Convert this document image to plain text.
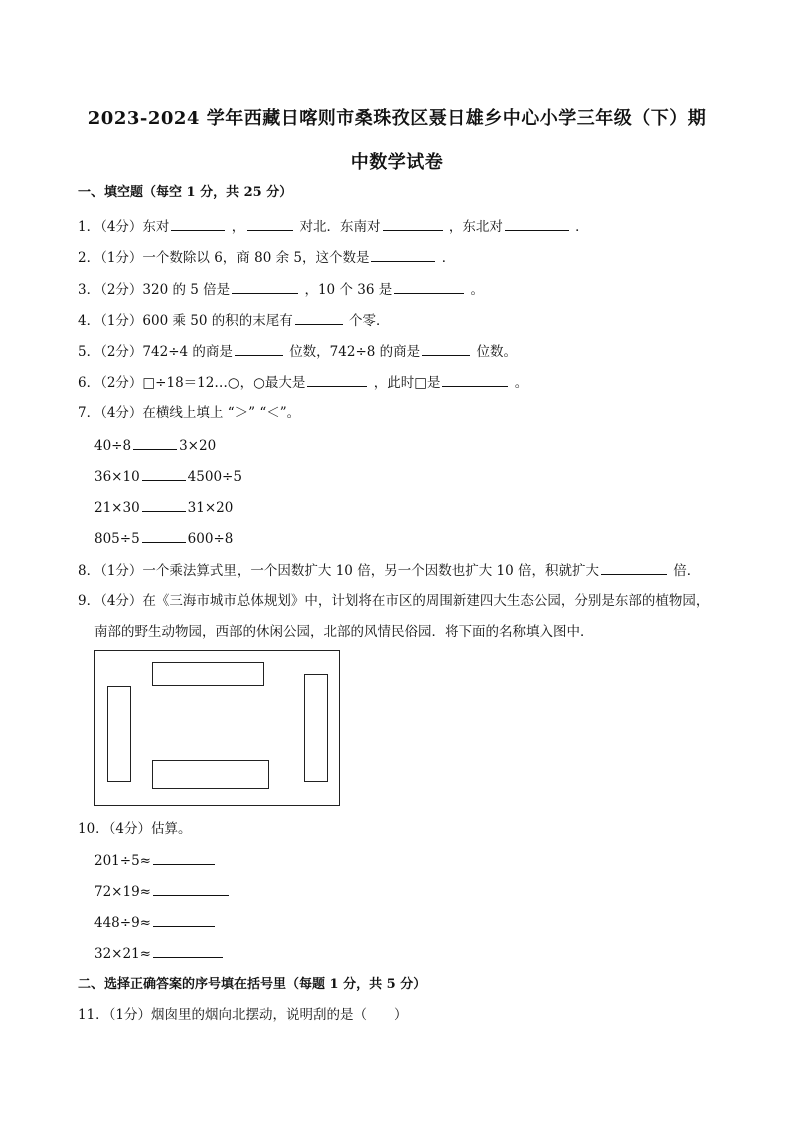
2023-2024 学年西藏日喀则市桑珠孜区聂日雄乡中心小学三年级（下）期
中数学试卷
一、填空题（每空 1 分，共 25 分）
1．（4分）东对	，	对北．东南对	，东北对	．
2．（1分）一个数除以 6，商 80 余 5，这个数是	．
3．（2分）320 的 5 倍是	，10 个 36 是	。
4．（1分）600 乘 50 的积的末尾有	个零．
5．（2分）742÷4 的商是	位数，742÷8 的商是	位数。
6．（2分）□÷18＝12…○，○最大是	，此时□是	。
7．（4分）在横线上填上 “＞” “＜”。
40÷8	3×20
36×10	4500÷5
21×30	31×20
805÷5	600÷8
8．（1分）一个乘法算式里，一个因数扩大 10 倍，另一个因数也扩大 10 倍，积就扩大	倍．
9．（4分）在《三海市城市总体规划》中，计划将在市区的周围新建四大生态公园，分别是东部的植物园，
南部的野生动物园，西部的休闲公园，北部的风情民俗园．将下面的名称填入图中．
10．（4分）估算。
201÷5≈
72×19≈
448÷9≈
32×21≈
二、选择正确答案的序号填在括号里（每题 1 分，共 5 分）
11．（1分）烟囱里的烟向北摆动，说明刮的是（　　）
